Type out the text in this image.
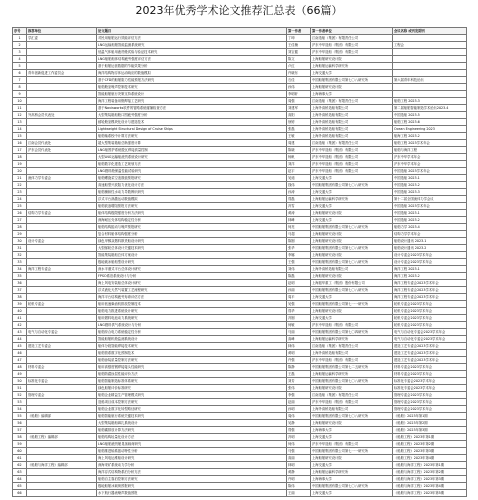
2023年优秀学术论文推荐汇总表（66篇）
序号	推荐单位	论文题目	第一作者	第一作者单位	会议名称 或刊发期刊
1	学汇委	对民用船舶运行效能评估方法	丁坤	江南造船（集团）有限责任公司	
2		LNG运输船舶智能监测系统研究	王佳楠	沪东中华造船（集团）有限公司	工程会
3		低温气体船用液货舱试验与验证技术研究	刘宝健	沪东中华造船（集团）有限公司	
4		LNG船舶船体结构疲劳强度评估方法	陈文	上海船舶研究设计院	
5		基于船舶运营数据的节能效果分析	卢红	上海船舶运输科学研究所	
6	青年创新促进工作委员会	海洋结构物浮体运动响应的数值模拟	许晓东	上海交通大学	
7		基于CFD的船舶阻力性能预报方法研究	石佳	中国船舶集团有限公司第七〇八研究所	第六届青年科技论坛
8		船舶舱室噪声控制技术研究	孙伟	上海船舶研究设计院	
9		智能船舶航行决策支持系统设计	李明轩	上海海事大学	
10		海洋工程装备用钢焊接工艺研究	周强	江南造船（集团）有限责任公司	船舶工程 2023.3
11		基于Navisworks软件的管路系统碰撞检查方法	刘建军	上海外高桥造船有限公司	第二届船舶智能制造学术论坛2023.4
12	外高桥会员代表处	大型集装箱船舱口围疲劳强度分析	高阳	上海外高桥造船有限公司	中国造船 2023.5
13		邮轮舱室模块化设计与建造技术	徐婷	上海外高桥造船有限公司	船舶工程 2023.6
14		Lightweight Structural Design of Cruise Ships	张磊	上海外高桥造船有限公司	Ocean Engineering 2023
15		船舶轴系校中计算方法研究	王敏	上海外高桥造船有限公司	船海工程 2023.2
16	江南会员代表处	超大型集装箱船总纵强度计算	周建	江南造船（集团）有限责任公司	船舶工程 2023学术年会
17	沪东会员代表处	LNG船围护系统殷瓦焊接质量控制	陈晓	沪东中华造船（集团）有限公司	船舶与海洋工程
18		大型LNG运输船液货系统设计研究	杨帆	沪东中华造船（集团）有限公司	沪东中华学术年会
19		船舶数字化建造工艺规划方法	刘洋	沪东中华造船（集团）有限公司	沪东中华学术年会
20		LNG燃料舱保温性能试验研究	赵宇	沪东中华造船（集团）有限公司	中国造船 2023学术年会
21	流体力学专委会	船舶螺旋桨空泡数值预报研究	吴迪	上海交通大学	中国造船 2023.1
22		高速船型兴波阻力优化设计方法	钱伟	中国船舶集团有限公司第七〇八研究所	中国造船 2023.2
23		船舶操纵性水动力导数辨识研究	孙涛	上海交通大学	中国造船 2023.3
24		浮式平台涡激运动数值模拟	郑磊	上海船舶运输科学研究所	第十二届全国流体力学会议
25		船舶波浪增阻预报方法研究	冯雪	上海交通大学	中国造船 2023学术年会
26	结构力学专委会	船体结构极限强度分析方法研究	黄涛	上海船舶研究设计院	中国造船 2023.1
27		深海耐压壳体结构稳定性分析	林峰	上海交通大学	中国造船 2023.2
28		船舶结构振动与噪声预报研究	何亮	中国船舶集团有限公司第七〇八研究所	船舶力学 2023.4
29		复合材料船体结构强度分析	马超	上海船舶研究设计院	结构力学学术年会
30	设计专委会	绿色甲醇双燃料散货船设计研究	陈刚	上海船舶研究设计院	船舶设计通讯 2023.1
31		大型邮轮总体设计关键技术研究	张华	中国船舶集团有限公司第七〇八研究所	船舶设计通讯 2023.2
32		智能集装箱船总体方案设计	李娜	上海船舶研究设计院	设计专委会2023学术年会
33		极地破冰船船型设计研究	王强	中国船舶集团有限公司第七〇八研究所	设计专委会2023学术年会
34	海洋工程专委会	深水半潜式平台总体设计研究	刘伟	上海外高桥造船有限公司	海洋工程 2023.1
35		FPSO系泊系统设计与分析	陈磊	上海船舶研究设计院	海洋工程 2023.2
36		海上风电安装船总体设计研究	赵明	上海振华重工（集团）股份有限公司	海洋工程专委会2023学术年会
37		浮式液化天然气装置工艺流程研究	孙丽	中国船舶集团有限公司第七〇八研究所	海洋工程专委会2023学术年会
38		海洋平台结构疲劳寿命评估方法	周平	上海交通大学	海洋工程专委会2023学术年会
39	轮机专委会	船用低速柴油机排放控制技术	吴强	中国船舶集团有限公司第七一一研究所	轮机专委会2023学术年会
40		船舶电力推进系统设计研究	郑华	上海船舶研究设计院	轮机专委会2023学术年会
41		船用燃料电池动力系统研究	冯刚	上海交通大学	轮机专委会2023学术年会
42		LNG燃料供气系统设计与分析	何敏	沪东中华造船（集团）有限公司	轮机专委会2023学术年会
43	电气与自动化专委会	船舶综合电力系统稳定性分析	马丽	中国船舶集团有限公司第七〇四研究所	电气与自动化专委会2023学术年会
44		智能船舶机舱监测系统设计	高峰	上海船舶运输科学研究所	电气与自动化专委会2023学术年会
45	建造工艺专委会	船体分段智能焊接技术研究	林伟	江南造船（集团）有限责任公司	建造工艺专委会2023学术年会
46		船舶管系数字化预制技术	黄明	上海外高桥造船有限公司	建造工艺专委会2023学术年会
47		船舶涂装质量控制方法研究	许强	沪东中华造船（集团）有限公司	建造工艺专委会2023学术年会
48	材料专委会	船用高强度钢焊接接头性能研究	陈静	中国船舶集团有限公司第七二五研究所	材料专委会2023学术年会
49		船舶防腐涂层性能评价方法	王磊	上海船舶运输科学研究所	材料专委会2023学术年会
50	标准化专委会	船舶智能制造标准体系研究	刘芳	中国船舶集团有限公司第七〇八研究所	标准化专委会2023学术年会
51		绿色船舶评价标准研究	张伟	上海船舶研究设计院	标准化专委会2023学术年会
52	管理专委会	船舶企业精益生产管理模式研究	李强	江南造船（集团）有限责任公司	管理专委会2023学术年会
53		造船项目成本控制方法研究	赵丽	沪东中华造船（集团）有限公司	管理专委会2023学术年会
54		船舶企业数字化转型路径研究	孙明	上海外高桥造船有限公司	管理专委会2023学术年会
55	《船舶》编辑部	船舶智能航行系统关键技术研究	周伟	中国船舶集团有限公司第七〇八研究所	《船舶》2023年第1期
56		大型集装箱船绑扎系统设计	吴静	上海船舶研究设计院	《船舶》2023年第2期
57		船舶碳排放计算方法研究	郑强	上海海事大学	《船舶》2023年第3期
58	《船舶工程》编辑部	船舶结构轻量化设计方法	冯明	上海交通大学	《船舶工程》2023年第1期
59		LNG船舶液货舱晃荡载荷研究	何伟	沪东中华造船（集团）有限公司	《船舶工程》2023年第2期
60		船舶推进轴系振动特性分析	马强	中国船舶集团有限公司第七一一研究所	《船舶工程》2023年第3期
61		海上风电运维船设计研究	高丽	上海船舶研究设计院	《船舶工程》2023年第4期
62	《船舶与海洋工程》编辑部	深海采矿系统动力学分析	林明	上海交通大学	《船舶与海洋工程》2023年第1期
63		海洋浮式结构物系泊分析方法	黄静	上海船舶运输科学研究所	《船舶与海洋工程》2023年第2期
64		船舶自主靠泊控制方法研究	许明	上海海事大学	《船舶与海洋工程》2023年第3期
65		极地船舶冰载荷预报研究	陈伟	中国船舶集团有限公司第七〇八研究所	《船舶与海洋工程》2023年第4期
66		水下航行器流噪声数值预报	王丽	上海交通大学	《船舶与海洋工程》2023年第5期
